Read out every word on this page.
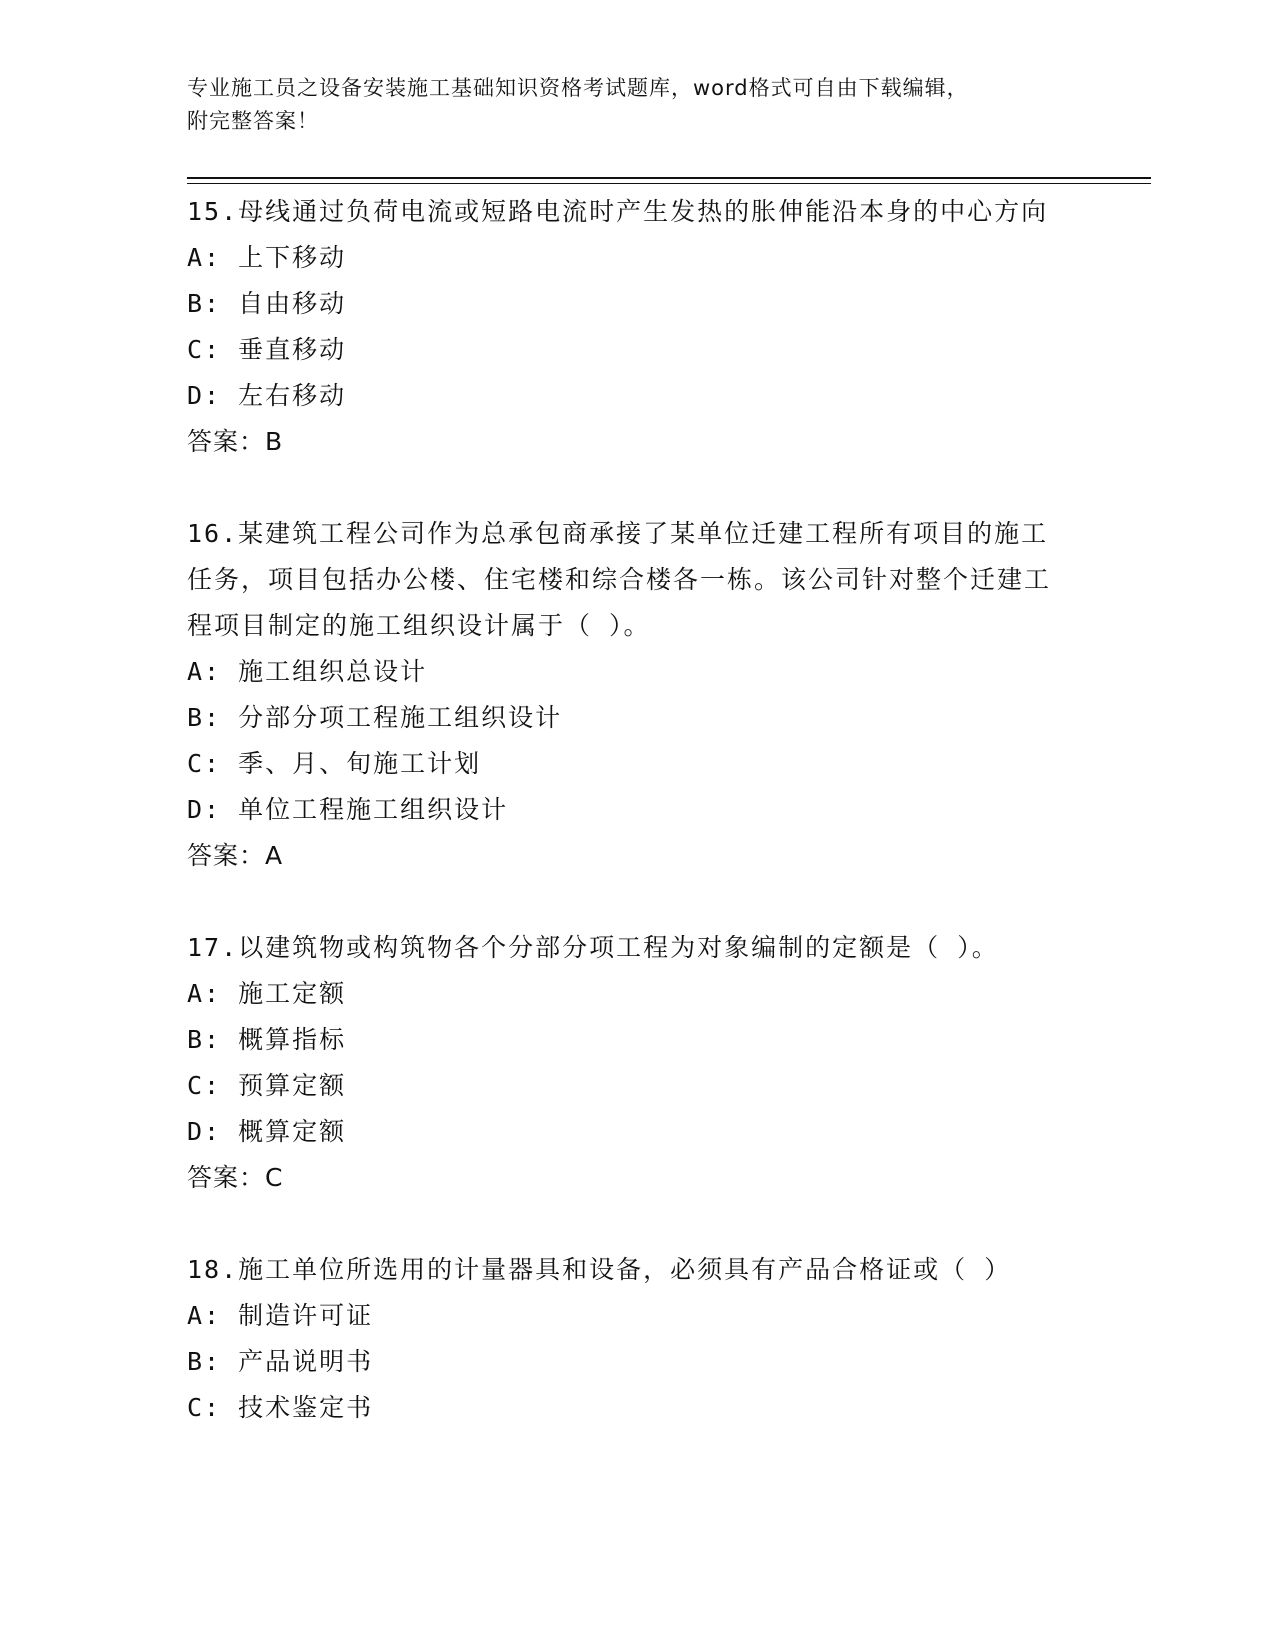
专业施工员之设备安装施工基础知识资格考试题库，word格式可自由下载编辑，
附完整答案！
15.母线通过负荷电流或短路电流时产生发热的胀伸能沿本身的中心方向
A: 上下移动
B: 自由移动
C: 垂直移动
D: 左右移动
答案：B
16.某建筑工程公司作为总承包商承接了某单位迁建工程所有项目的施工任务，项目包括办公楼、住宅楼和综合楼各一栋。该公司针对整个迁建工程项目制定的施工组织设计属于（ ）。
A: 施工组织总设计
B: 分部分项工程施工组织设计
C: 季、月、旬施工计划
D: 单位工程施工组织设计
答案：A
17.以建筑物或构筑物各个分部分项工程为对象编制的定额是（ ）。
A: 施工定额
B: 概算指标
C: 预算定额
D: 概算定额
答案：C
18.施工单位所选用的计量器具和设备，必须具有产品合格证或（ ）
A: 制造许可证
B: 产品说明书
C: 技术鉴定书
